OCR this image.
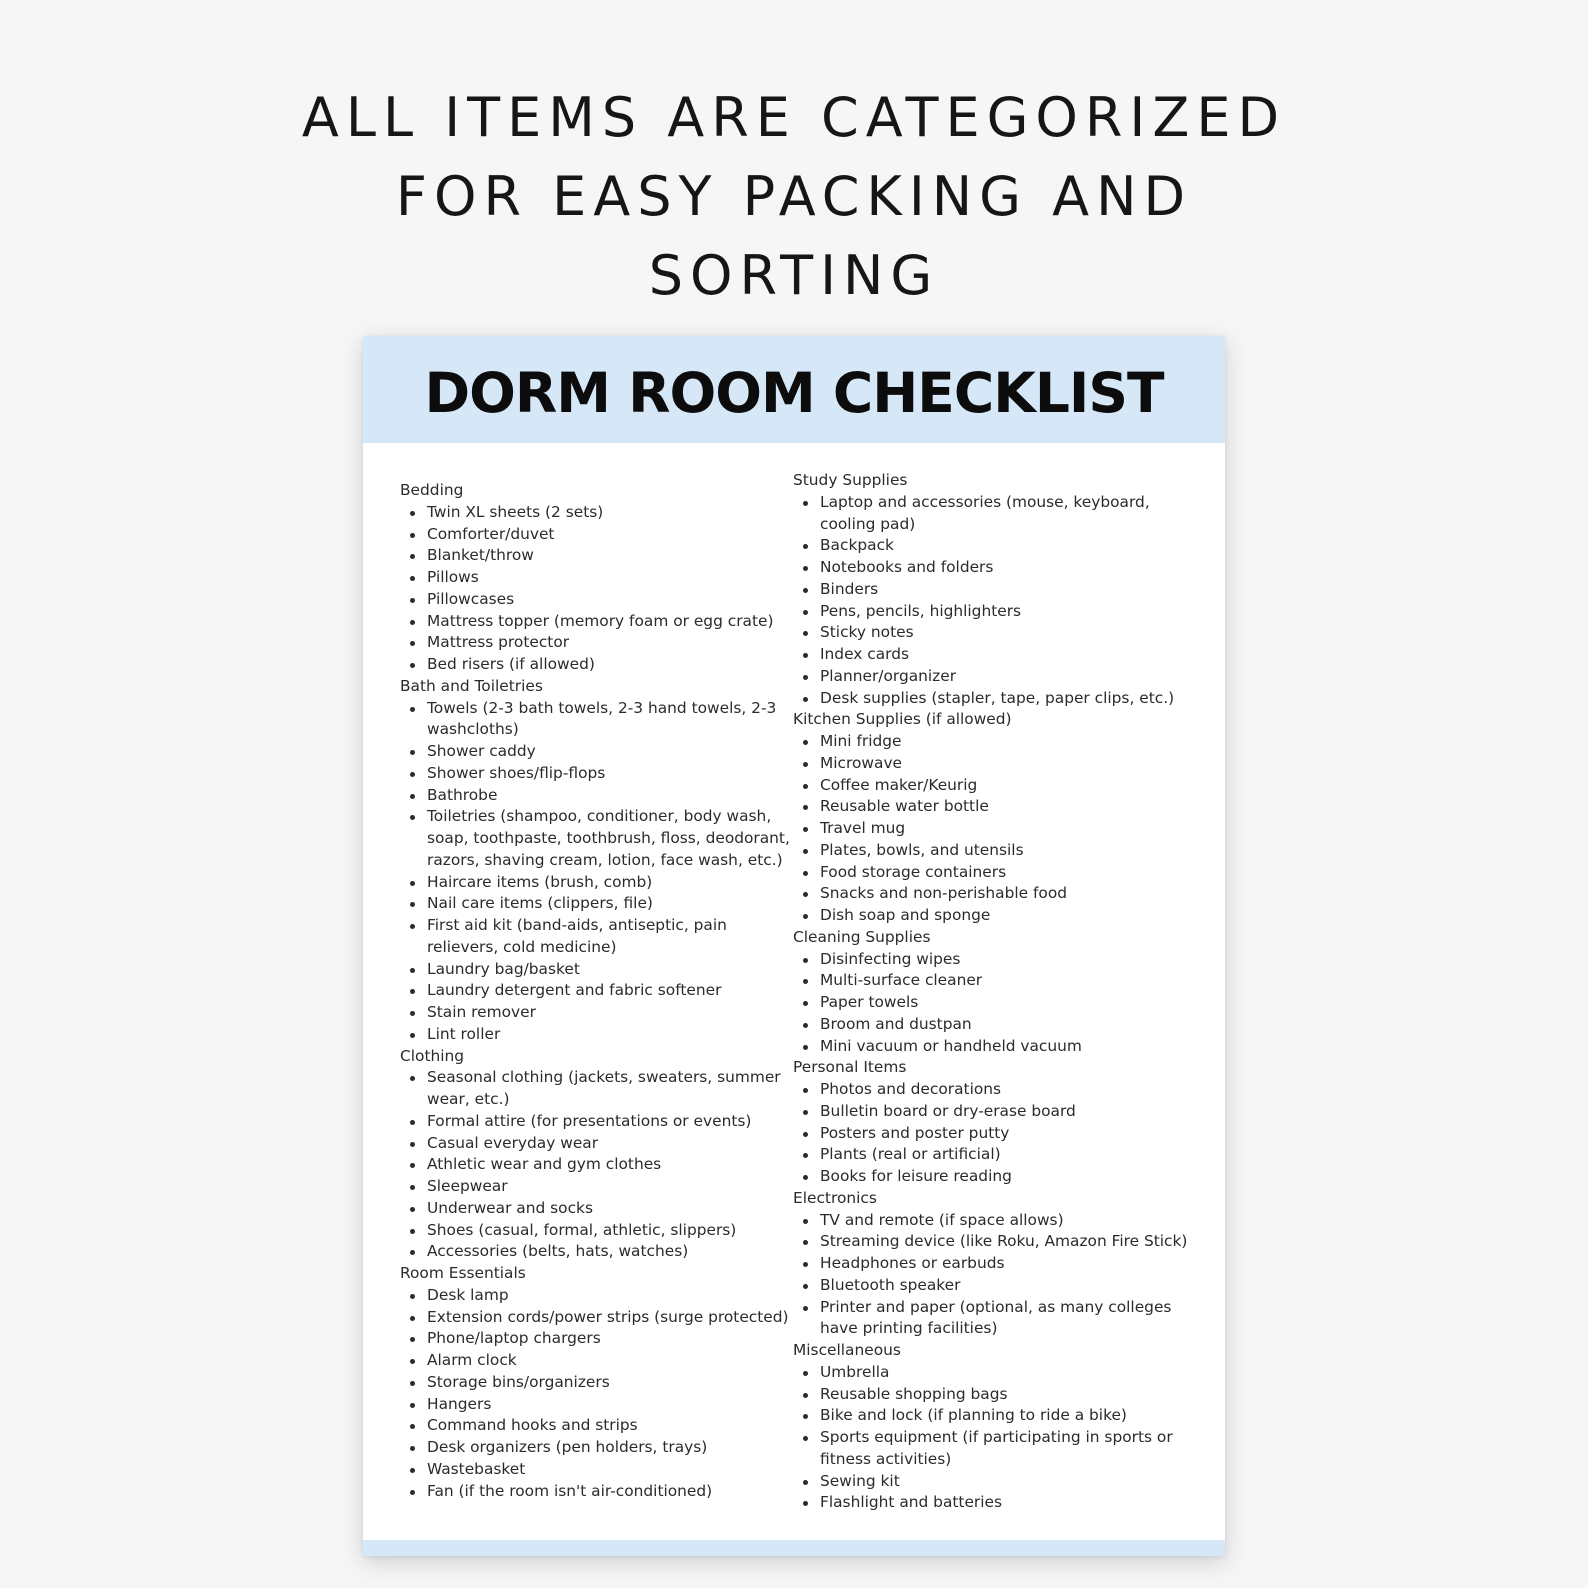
ALL ITEMS ARE CATEGORIZED
FOR EASY PACKING AND
SORTING
DORM ROOM CHECKLIST
Bedding
Twin XL sheets (2 sets)
Comforter/duvet
Blanket/throw
Pillows
Pillowcases
Mattress topper (memory foam or egg crate)
Mattress protector
Bed risers (if allowed)
Bath and Toiletries
Towels (2-3 bath towels, 2-3 hand towels, 2-3 washcloths)
Shower caddy
Shower shoes/flip-flops
Bathrobe
Toiletries (shampoo, conditioner, body wash, soap, toothpaste, toothbrush, floss, deodorant, razors, shaving cream, lotion, face wash, etc.)
Haircare items (brush, comb)
Nail care items (clippers, file)
First aid kit (band-aids, antiseptic, pain relievers, cold medicine)
Laundry bag/basket
Laundry detergent and fabric softener
Stain remover
Lint roller
Clothing
Seasonal clothing (jackets, sweaters, summer wear, etc.)
Formal attire (for presentations or events)
Casual everyday wear
Athletic wear and gym clothes
Sleepwear
Underwear and socks
Shoes (casual, formal, athletic, slippers)
Accessories (belts, hats, watches)
Room Essentials
Desk lamp
Extension cords/power strips (surge protected)
Phone/laptop chargers
Alarm clock
Storage bins/organizers
Hangers
Command hooks and strips
Desk organizers (pen holders, trays)
Wastebasket
Fan (if the room isn't air-conditioned)
Study Supplies
Laptop and accessories (mouse, keyboard, cooling pad)
Backpack
Notebooks and folders
Binders
Pens, pencils, highlighters
Sticky notes
Index cards
Planner/organizer
Desk supplies (stapler, tape, paper clips, etc.)
Kitchen Supplies (if allowed)
Mini fridge
Microwave
Coffee maker/Keurig
Reusable water bottle
Travel mug
Plates, bowls, and utensils
Food storage containers
Snacks and non-perishable food
Dish soap and sponge
Cleaning Supplies
Disinfecting wipes
Multi-surface cleaner
Paper towels
Broom and dustpan
Mini vacuum or handheld vacuum
Personal Items
Photos and decorations
Bulletin board or dry-erase board
Posters and poster putty
Plants (real or artificial)
Books for leisure reading
Electronics
TV and remote (if space allows)
Streaming device (like Roku, Amazon Fire Stick)
Headphones or earbuds
Bluetooth speaker
Printer and paper (optional, as many colleges have printing facilities)
Miscellaneous
Umbrella
Reusable shopping bags
Bike and lock (if planning to ride a bike)
Sports equipment (if participating in sports or fitness activities)
Sewing kit
Flashlight and batteries
